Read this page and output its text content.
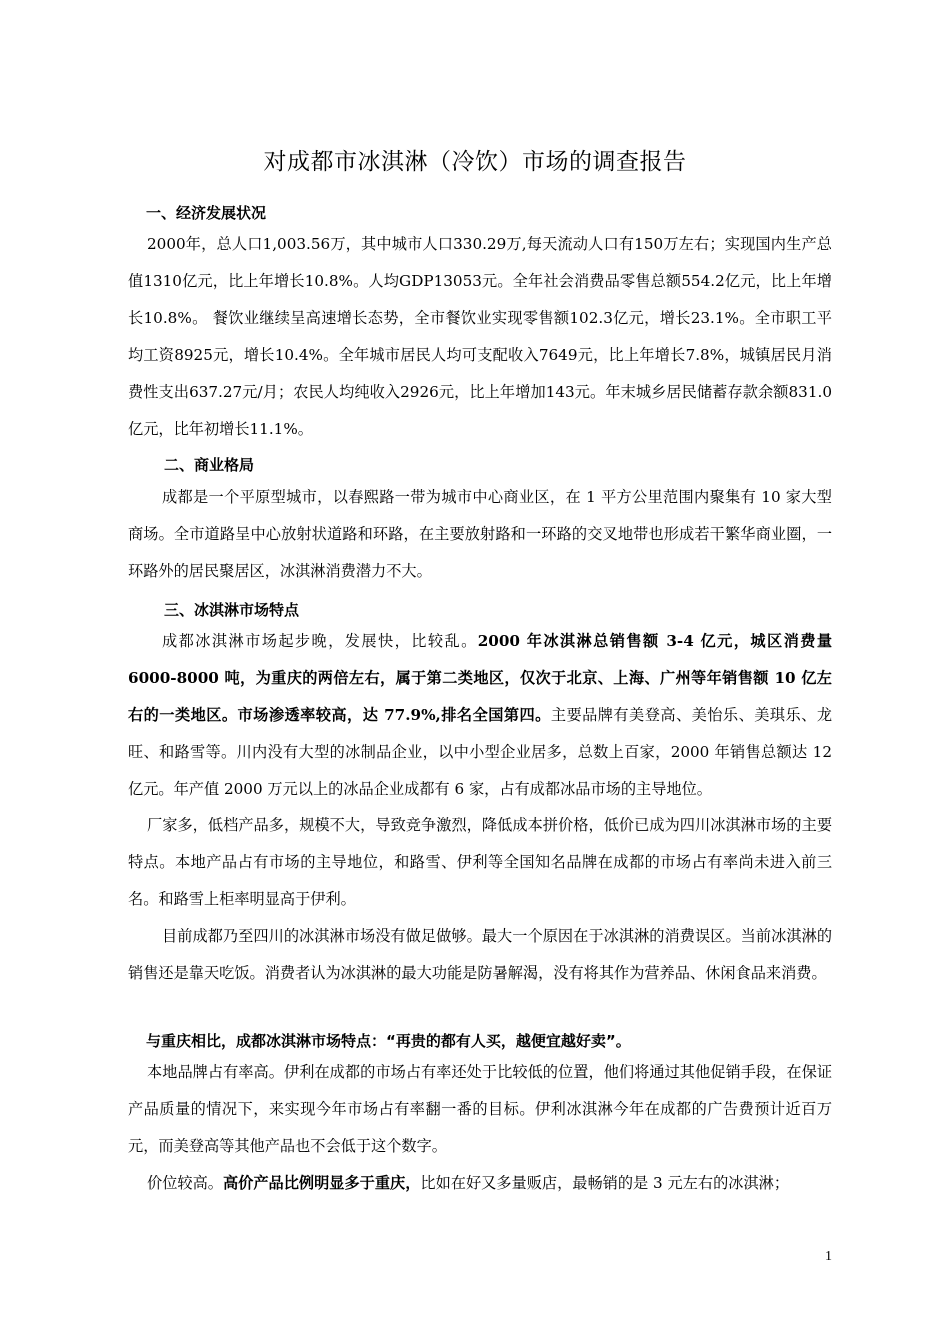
对成都市冰淇淋（冷饮）市场的调查报告
一、经济发展状况
2000年，总人口1,003.56万，其中城市人口330.29万,每天流动人口有150万左右；实现国内生产总值1310亿元，比上年增长10.8%。人均GDP13053元。全年社会消费品零售总额554.2亿元，比上年增长10.8%。 餐饮业继续呈高速增长态势，全市餐饮业实现零售额102.3亿元，增长23.1%。全市职工平均工资8925元，增长10.4%。全年城市居民人均可支配收入7649元，比上年增长7.8%，城镇居民月消费性支出637.27元/月；农民人均纯收入2926元，比上年增加143元。年末城乡居民储蓄存款余额831.0亿元，比年初增长11.1%。
二、商业格局
成都是一个平原型城市，以春熙路一带为城市中心商业区，在 1 平方公里范围内聚集有 10 家大型商场。全市道路呈中心放射状道路和环路，在主要放射路和一环路的交叉地带也形成若干繁华商业圈，一环路外的居民聚居区，冰淇淋消费潜力不大。
三、冰淇淋市场特点
成都冰淇淋市场起步晚，发展快，比较乱。2000 年冰淇淋总销售额 3-4 亿元，城区消费量 6000-8000 吨，为重庆的两倍左右，属于第二类地区，仅次于北京、上海、广州等年销售额 10 亿左右的一类地区。市场渗透率较高，达 77.9%,排名全国第四。主要品牌有美登高、美怡乐、美琪乐、龙旺、和路雪等。川内没有大型的冰制品企业，以中小型企业居多，总数上百家，2000 年销售总额达 12 亿元。年产值 2000 万元以上的冰品企业成都有 6 家，占有成都冰品市场的主导地位。
厂家多，低档产品多，规模不大，导致竞争激烈，降低成本拼价格，低价已成为四川冰淇淋市场的主要特点。本地产品占有市场的主导地位，和路雪、伊利等全国知名品牌在成都的市场占有率尚未进入前三名。和路雪上柜率明显高于伊利。
目前成都乃至四川的冰淇淋市场没有做足做够。最大一个原因在于冰淇淋的消费误区。当前冰淇淋的销售还是靠天吃饭。消费者认为冰淇淋的最大功能是防暑解渴，没有将其作为营养品、休闲食品来消费。
与重庆相比，成都冰淇淋市场特点：“再贵的都有人买，越便宜越好卖”。
本地品牌占有率高。伊利在成都的市场占有率还处于比较低的位置，他们将通过其他促销手段，在保证产品质量的情况下，来实现今年市场占有率翻一番的目标。伊利冰淇淋今年在成都的广告费预计近百万元，而美登高等其他产品也不会低于这个数字。
价位较高。高价产品比例明显多于重庆，比如在好又多量贩店，最畅销的是 3 元左右的冰淇淋；
1
